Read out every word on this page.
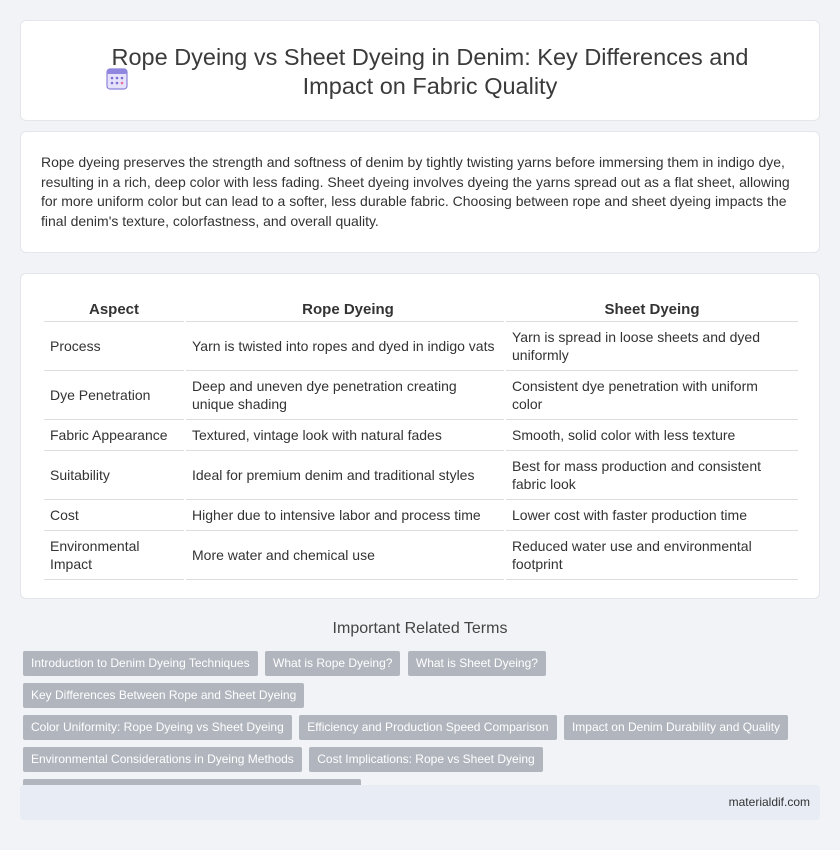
Rope Dyeing vs Sheet Dyeing in Denim: Key Differences and Impact on Fabric Quality

Rope dyeing preserves the strength and softness of denim by tightly twisting yarns before immersing them in indigo dye, resulting in a rich, deep color with less fading. Sheet dyeing involves dyeing the yarns spread out as a flat sheet, allowing for more uniform color but can lead to a softer, less durable fabric. Choosing between rope and sheet dyeing impacts the final denim's texture, colorfastness, and overall quality.

Aspect	Rope Dyeing	Sheet Dyeing
Process	Yarn is twisted into ropes and dyed in indigo vats	Yarn is spread in loose sheets and dyed uniformly
Dye Penetration	Deep and uneven dye penetration creating unique shading	Consistent dye penetration with uniform color
Fabric Appearance	Textured, vintage look with natural fades	Smooth, solid color with less texture
Suitability	Ideal for premium denim and traditional styles	Best for mass production and consistent fabric look
Cost	Higher due to intensive labor and process time	Lower cost with faster production time
Environmental Impact	More water and chemical use	Reduced water use and environmental footprint
Important Related Terms
Introduction to Denim Dyeing Techniques What is Rope Dyeing? What is Sheet Dyeing? Key Differences Between Rope and Sheet Dyeing
Color Uniformity: Rope Dyeing vs Sheet Dyeing Efficiency and Production Speed Comparison Impact on Denim Durability and Quality
Environmental Considerations in Dyeing Methods Cost Implications: Rope vs Sheet Dyeing

materialdif.com
